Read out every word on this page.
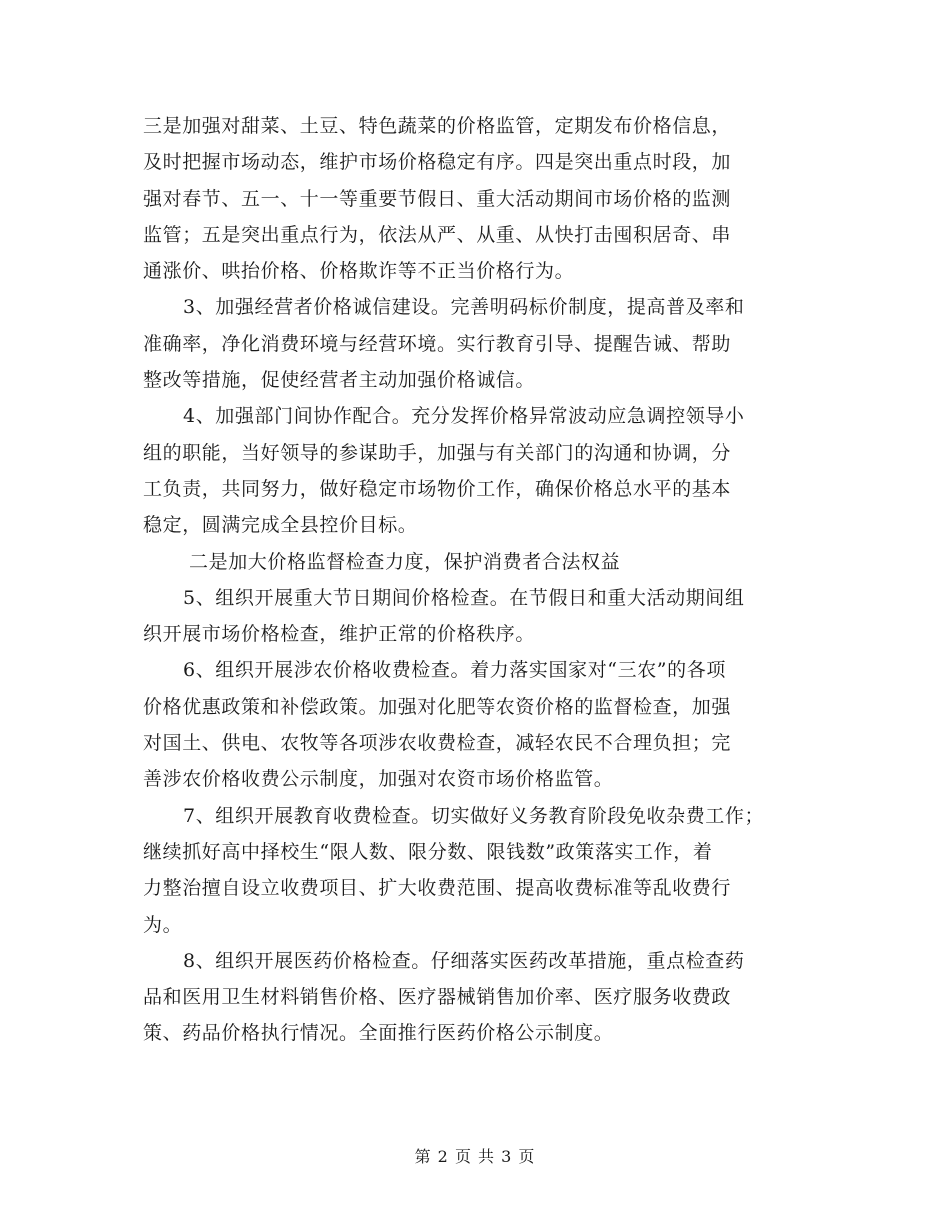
三是加强对甜菜、土豆、特色蔬菜的价格监管，定期发布价格信息，
及时把握市场动态，维护市场价格稳定有序。四是突出重点时段，加
强对春节、五一、十一等重要节假日、重大活动期间市场价格的监测
监管；五是突出重点行为，依法从严、从重、从快打击囤积居奇、串
通涨价、哄抬价格、价格欺诈等不正当价格行为。
3、加强经营者价格诚信建设。完善明码标价制度，提高普及率和
准确率，净化消费环境与经营环境。实行教育引导、提醒告诫、帮助
整改等措施，促使经营者主动加强价格诚信。
4、加强部门间协作配合。充分发挥价格异常波动应急调控领导小
组的职能，当好领导的参谋助手，加强与有关部门的沟通和协调，分
工负责，共同努力，做好稳定市场物价工作，确保价格总水平的基本
稳定，圆满完成全县控价目标。
二是加大价格监督检查力度，保护消费者合法权益
5、组织开展重大节日期间价格检查。在节假日和重大活动期间组
织开展市场价格检查，维护正常的价格秩序。
6、组织开展涉农价格收费检查。着力落实国家对“三农”的各项
价格优惠政策和补偿政策。加强对化肥等农资价格的监督检查，加强
对国土、供电、农牧等各项涉农收费检查，减轻农民不合理负担；完
善涉农价格收费公示制度，加强对农资市场价格监管。
7、组织开展教育收费检查。切实做好义务教育阶段免收杂费工作；
继续抓好高中择校生“限人数、限分数、限钱数”政策落实工作，着
力整治擅自设立收费项目、扩大收费范围、提高收费标准等乱收费行
为。
8、组织开展医药价格检查。仔细落实医药改革措施，重点检查药
品和医用卫生材料销售价格、医疗器械销售加价率、医疗服务收费政
策、药品价格执行情况。全面推行医药价格公示制度。
第 2 页 共 3 页
